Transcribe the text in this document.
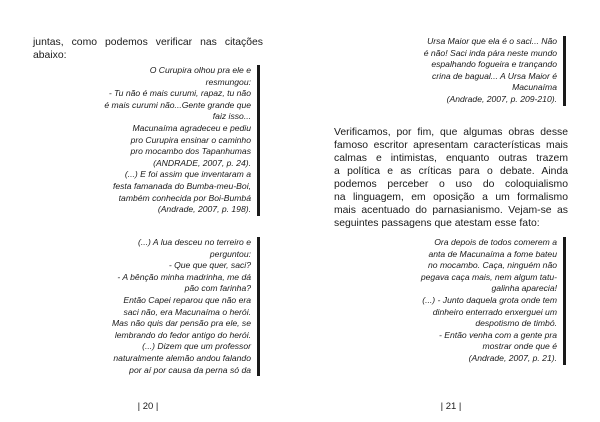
juntas, como podemos verificar nas citações
abaixo:
O Curupira olhou pra ele e
resmungou:
- Tu não é mais curumi, rapaz, tu não
é mais curumi não...Gente grande que
faiz isso...
Macunaíma agradeceu e pediu
pro Curupira ensinar o caminho
pro mocambo dos Tapanhumas
(ANDRADE, 2007, p. 24).
(...) E foi assim que inventaram a
festa famanada do Bumba-meu-Boi,
também conhecida por Boi-Bumbá
(Andrade, 2007, p. 198).
(...) A lua desceu no terreiro e
perguntou:
- Que que quer, saci?
- A bênção minha madrinha, me dá
pão com farinha?
Então Capei reparou que não era
saci não, era Macunaíma o herói.
Mas não quis dar pensão pra ele, se
lembrando do fedor antigo do herói.
(...) Dizem que um professor
naturalmente alemão andou falando
por aí por causa da perna só da
| 20 |
Ursa Maior que ela é o saci... Não
é não! Saci inda pára neste mundo
espalhando fogueira e trançando
crina de bagual... A Ursa Maior é
Macunaíma
(Andrade, 2007, p. 209-210).
Verificamos, por fim, que algumas obras desse
famoso escritor apresentam características mais
calmas e intimistas, enquanto outras trazem
a política e as críticas para o debate. Ainda
podemos perceber o uso do coloquialismo
na linguagem, em oposição a um formalismo
mais acentuado do parnasianismo. Vejam-se as
seguintes passagens que atestam esse fato:
Ora depois de todos comerem a
anta de Macunaíma a fome bateu
no mocambo. Caça, ninguém não
pegava caça mais, nem algum tatu-
galinha aparecia!
(...) - Junto daquela grota onde tem
dinheiro enterrado enxerguei um
despotismo de timbó.
- Então venha com a gente pra
mostrar onde que é
(Andrade, 2007, p. 21).
| 21 |
